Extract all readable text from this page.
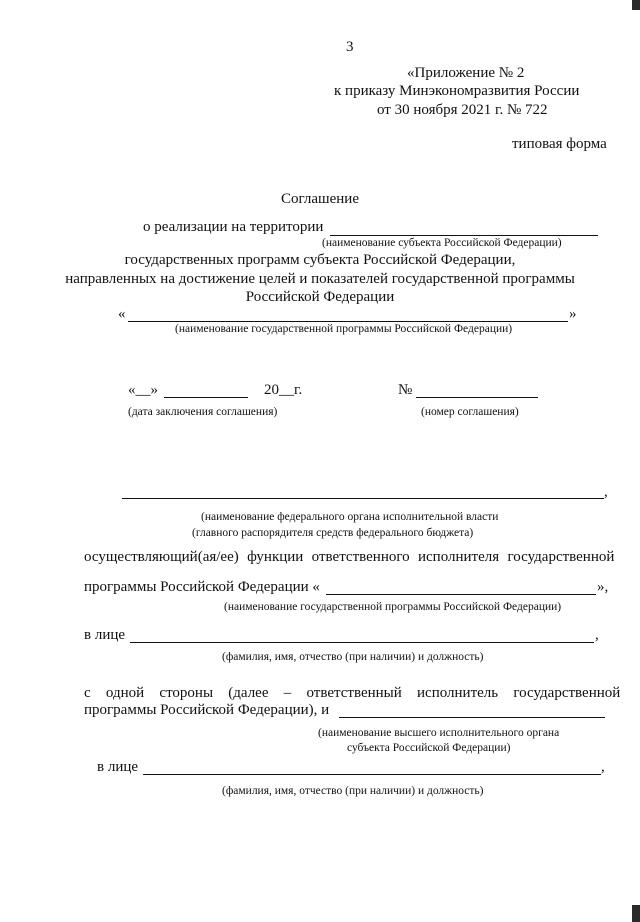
3
«Приложение № 2
к приказу Минэкономразвития России
от 30 ноября 2021 г. № 722
типовая форма
Соглашение
о реализации на территории
(наименование субъекта Российской Федерации)
государственных программ субъекта Российской Федерации,
направленных на достижение целей и показателей государственной программы
Российской Федерации
«	»
(наименование государственной программы Российской Федерации)
«__»	20__г.
(дата заключения соглашения)
№
(номер соглашения)
,
(наименование федерального органа исполнительной власти
(главного распорядителя средств федерального бюджета)
осуществляющий(ая/ее) функции ответственного исполнителя государственной
программы Российской Федерации «	»,
(наименование государственной программы Российской Федерации)
в лице	,
(фамилия, имя, отчество (при наличии) и должность)
с одной стороны (далее – ответственный исполнитель государственной
программы Российской Федерации), и
(наименование высшего исполнительного органа
субъекта Российской Федерации)
в лице	,
(фамилия, имя, отчество (при наличии) и должность)
